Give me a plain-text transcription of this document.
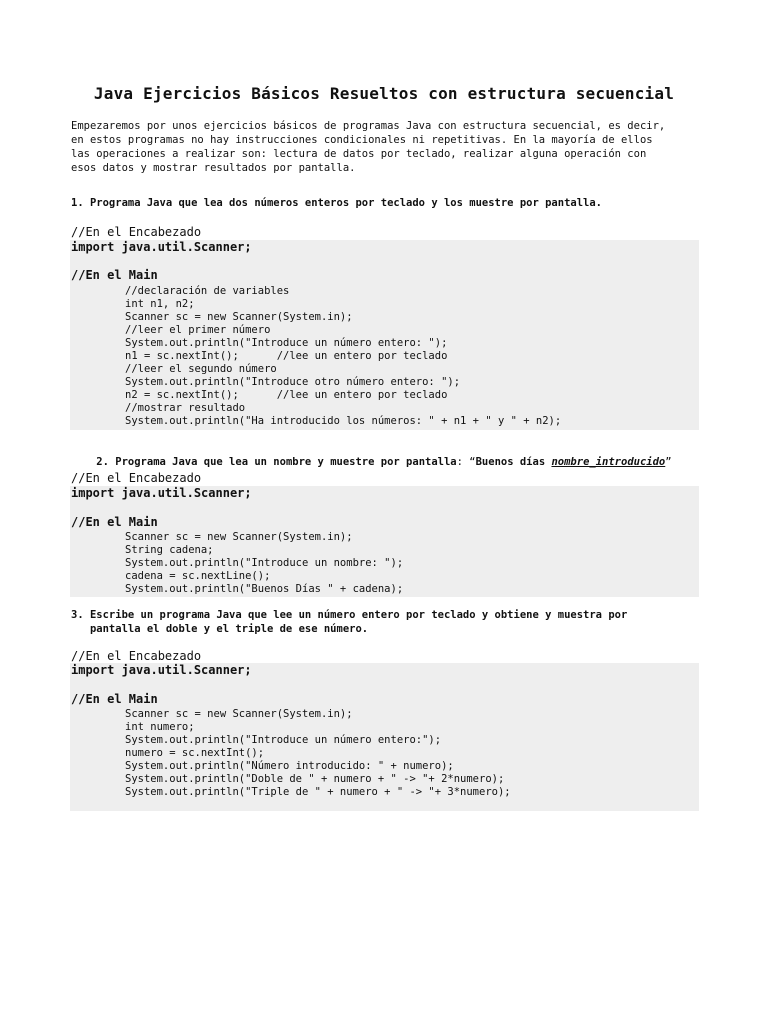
Java Ejercicios Básicos Resueltos con estructura secuencial
Empezaremos por unos ejercicios básicos de programas Java con estructura secuencial, es decir,
en estos programas no hay instrucciones condicionales ni repetitivas. En la mayoría de ellos
las operaciones a realizar son: lectura de datos por teclado, realizar alguna operación con
esos datos y mostrar resultados por pantalla.
1. Programa Java que lea dos números enteros por teclado y los muestre por pantalla.
//En el Encabezado
import java.util.Scanner;
//En el Main
//declaración de variables
int n1, n2;
Scanner sc = new Scanner(System.in);
//leer el primer número
System.out.println("Introduce un número entero: ");
n1 = sc.nextInt();      //lee un entero por teclado
//leer el segundo número
System.out.println("Introduce otro número entero: ");
n2 = sc.nextInt();      //lee un entero por teclado
//mostrar resultado
System.out.println("Ha introducido los números: " + n1 + " y " + n2);

2. Programa Java que lea un nombre y muestre por pantalla: “Buenos días nombre_introducido”

//En el Encabezado
import java.util.Scanner;
//En el Main
Scanner sc = new Scanner(System.in);
String cadena;
System.out.println("Introduce un nombre: ");
cadena = sc.nextLine();
System.out.println("Buenos Días " + cadena);
3. Escribe un programa Java que lee un número entero por teclado y obtiene y muestra por
pantalla el doble y el triple de ese número.
//En el Encabezado
import java.util.Scanner;
//En el Main
Scanner sc = new Scanner(System.in);
int numero;
System.out.println("Introduce un número entero:");
numero = sc.nextInt();
System.out.println("Número introducido: " + numero);
System.out.println("Doble de " + numero + " -> "+ 2*numero);
System.out.println("Triple de " + numero + " -> "+ 3*numero);
